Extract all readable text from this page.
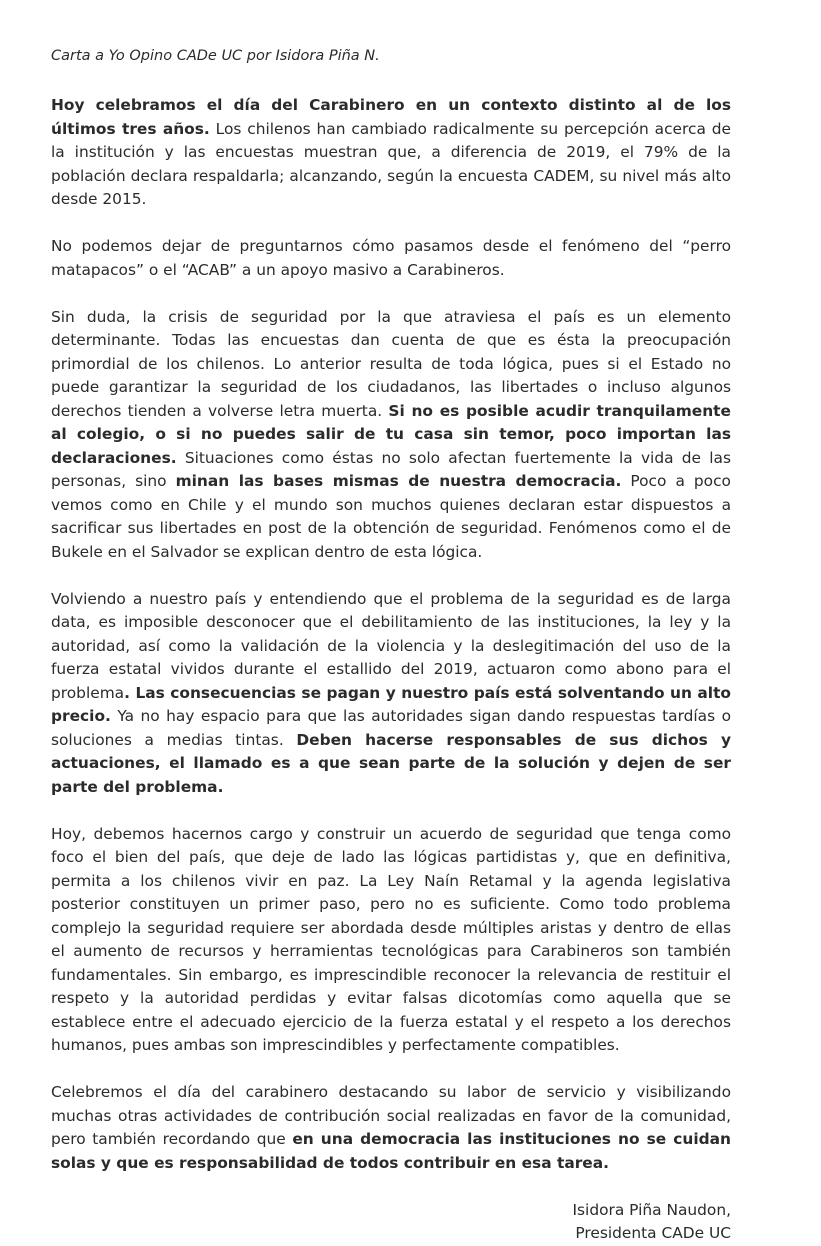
Carta a Yo Opino CADe UC por Isidora Piña N.

Hoy celebramos el día del Carabinero en un contexto distinto al de los últimos tres años. Los chilenos han cambiado radicalmente su percepción acerca de la institución y las encuestas muestran que, a diferencia de 2019, el 79% de la población declara respaldarla; alcanzando, según la encuesta CADEM, su nivel más alto desde 2015.

No podemos dejar de preguntarnos cómo pasamos desde el fenómeno del “perro matapacos” o el “ACAB” a un apoyo masivo a Carabineros.

Sin duda, la crisis de seguridad por la que atraviesa el país es un elemento determinante. Todas las encuestas dan cuenta de que es ésta la preocupación primordial de los chilenos. Lo anterior resulta de toda lógica, pues si el Estado no puede garantizar la seguridad de los ciudadanos, las libertades o incluso algunos derechos tienden a volverse letra muerta. Si no es posible acudir tranquilamente al colegio, o si no puedes salir de tu casa sin temor, poco importan las declaraciones. Situaciones como éstas no solo afectan fuertemente la vida de las personas, sino minan las bases mismas de nuestra democracia. Poco a poco vemos como en Chile y el mundo son muchos quienes declaran estar dispuestos a sacrificar sus libertades en post de la obtención de seguridad. Fenómenos como el de Bukele en el Salvador se explican dentro de esta lógica.

Volviendo a nuestro país y entendiendo que el problema de la seguridad es de larga data, es imposible desconocer que el debilitamiento de las instituciones, la ley y la autoridad, así como la validación de la violencia y la deslegitimación del uso de la fuerza estatal vividos durante el estallido del 2019, actuaron como abono para el problema. Las consecuencias se pagan y nuestro país está solventando un alto precio. Ya no hay espacio para que las autoridades sigan dando respuestas tardías o soluciones a medias tintas. Deben hacerse responsables de sus dichos y actuaciones, el llamado es a que sean parte de la solución y dejen de ser parte del problema.

Hoy, debemos hacernos cargo y construir un acuerdo de seguridad que tenga como foco el bien del país, que deje de lado las lógicas partidistas y, que en definitiva, permita a los chilenos vivir en paz. La Ley Naín Retamal y la agenda legislativa posterior constituyen un primer paso, pero no es suficiente. Como todo problema complejo la seguridad requiere ser abordada desde múltiples aristas y dentro de ellas el aumento de recursos y herramientas tecnológicas para Carabineros son también fundamentales. Sin embargo, es imprescindible reconocer la relevancia de restituir el respeto y la autoridad perdidas y evitar falsas dicotomías como aquella que se establece entre el adecuado ejercicio de la fuerza estatal y el respeto a los derechos humanos, pues ambas son imprescindibles y perfectamente compatibles.

Celebremos el día del carabinero destacando su labor de servicio y visibilizando muchas otras actividades de contribución social realizadas en favor de la comunidad, pero también recordando que en una democracia las instituciones no se cuidan solas y que es responsabilidad de todos contribuir en esa tarea.

Isidora Piña Naudon,
Presidenta CADe UC
